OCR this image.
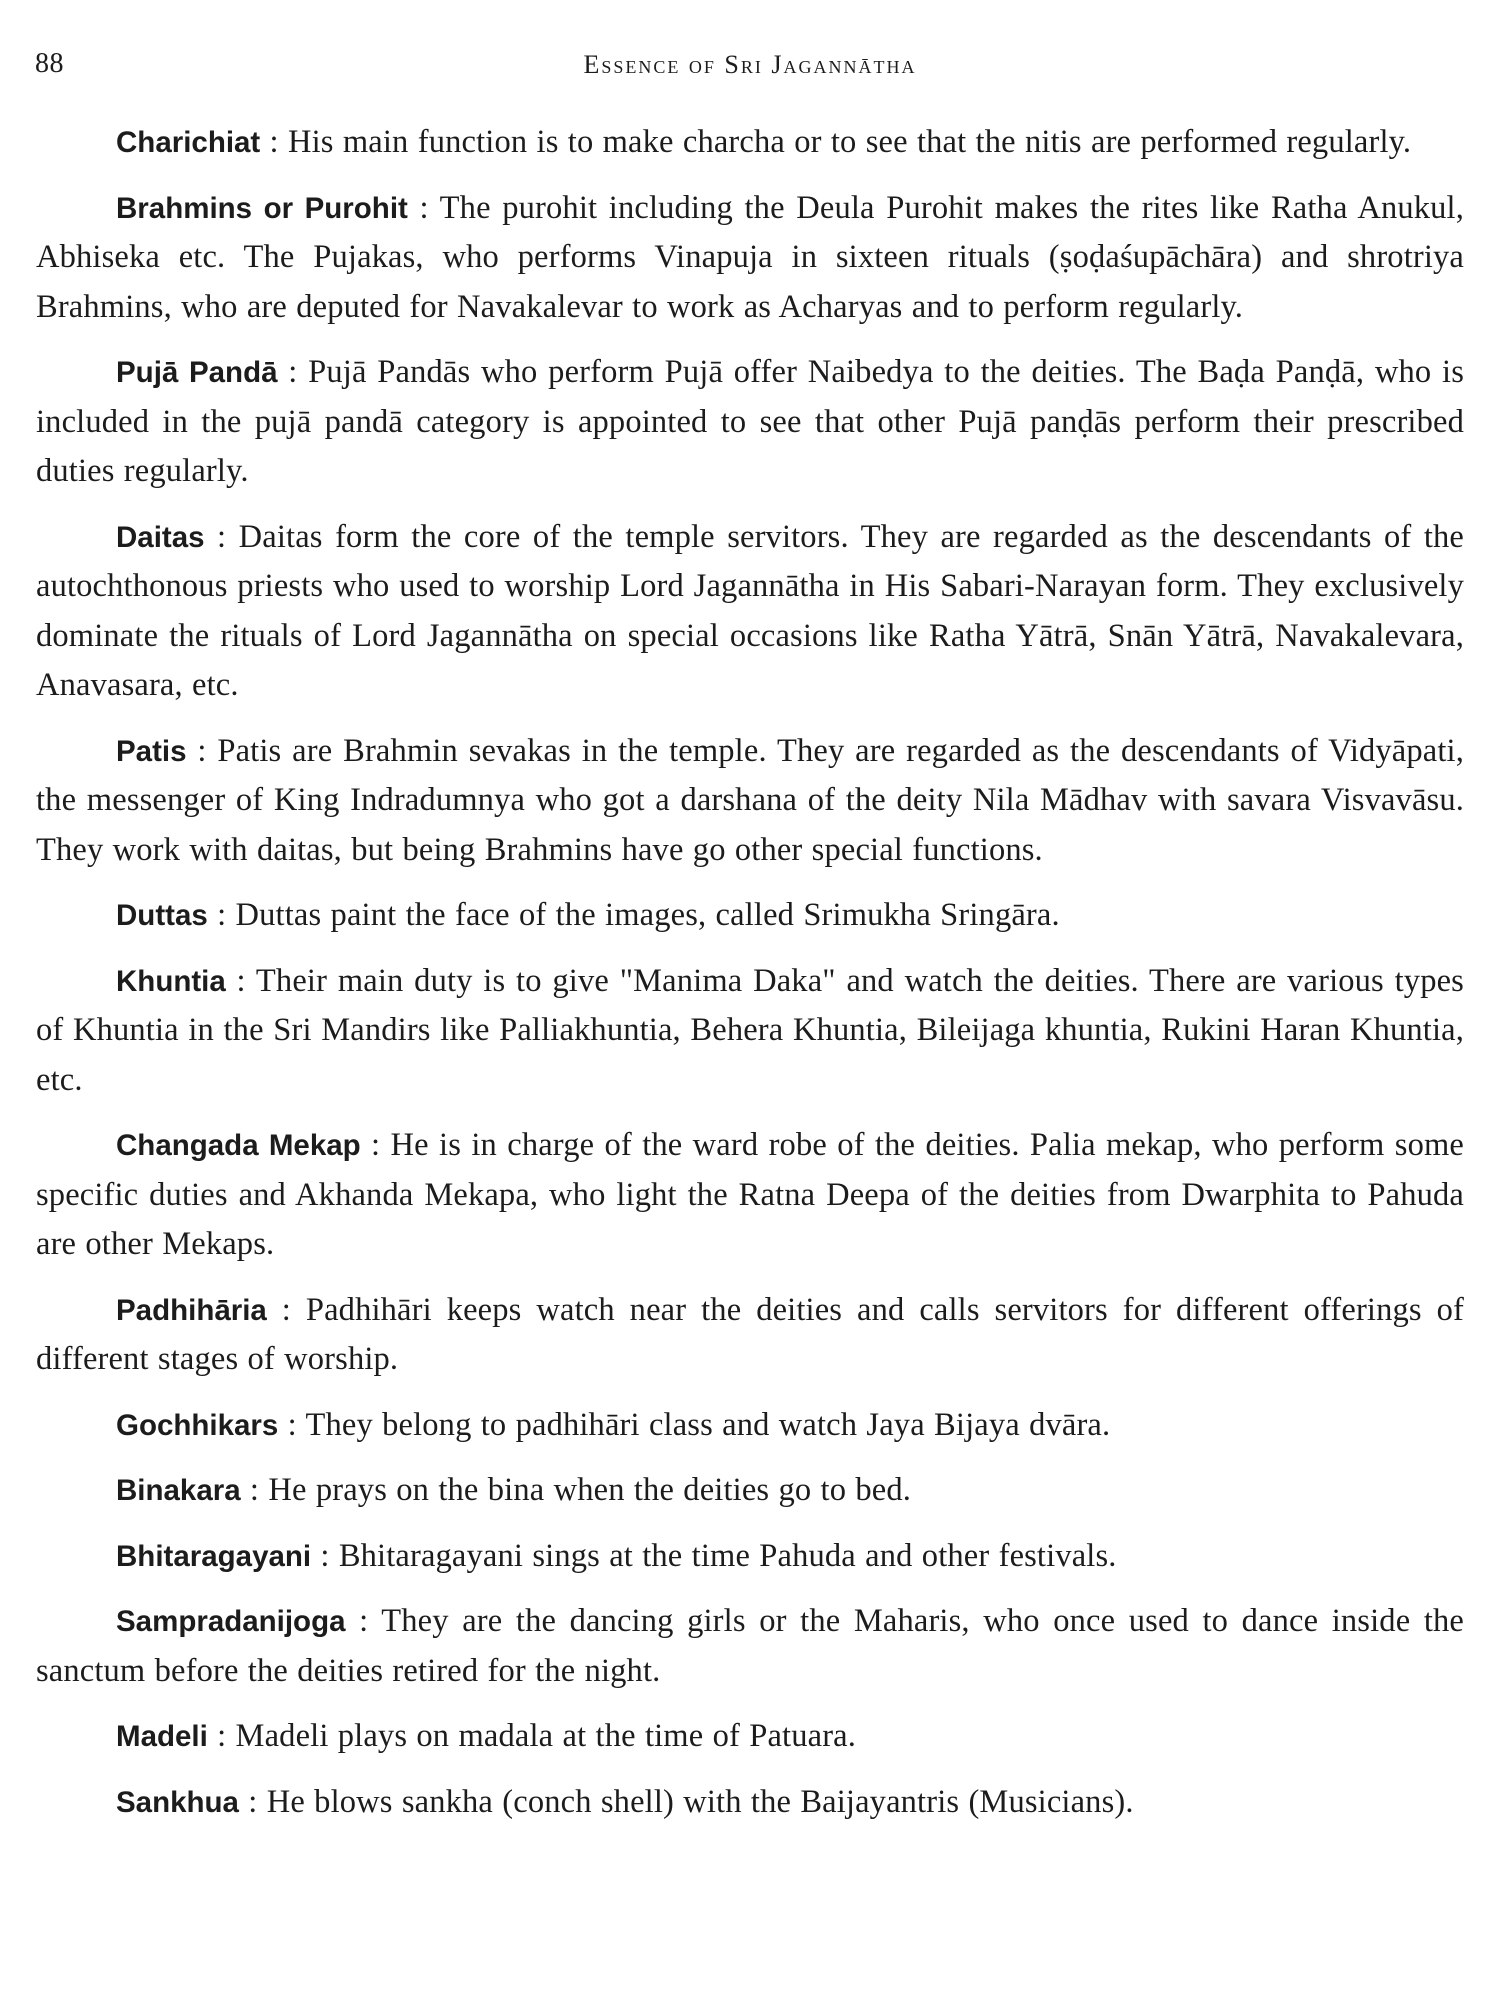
88	Essence of Sri Jagannātha

Charichiat : His main function is to make charcha or to see that the nitis are performed regularly.

Brahmins or Purohit : The purohit including the Deula Purohit makes the rites like Ratha Anukul, Abhiseka etc. The Pujakas, who performs Vinapuja in sixteen rituals (ṣoḍaśupāchāra) and shrotriya Brahmins, who are deputed for Navakalevar to work as Acharyas and to perform regularly.

Pujā Pandā : Pujā Pandās who perform Pujā offer Naibedya to the deities. The Baḍa Panḍā, who is included in the pujā pandā category is appointed to see that other Pujā panḍās perform their prescribed duties regularly.

Daitas : Daitas form the core of the temple servitors. They are regarded as the descendants of the autochthonous priests who used to worship Lord Jagannātha in His Sabari-Narayan form. They exclusively dominate the rituals of Lord Jagannātha on special occasions like Ratha Yātrā, Snān Yātrā, Navakalevara, Anavasara, etc.

Patis : Patis are Brahmin sevakas in the temple. They are regarded as the descendants of Vidyāpati, the messenger of King Indradumnya who got a darshana of the deity Nila Mādhav with savara Visvavāsu. They work with daitas, but being Brahmins have go other special functions.

Duttas : Duttas paint the face of the images, called Srimukha Sringāra.

Khuntia : Their main duty is to give "Manima Daka" and watch the deities. There are various types of Khuntia in the Sri Mandirs like Palliakhuntia, Behera Khuntia, Bileijaga khuntia, Rukini Haran Khuntia, etc.

Changada Mekap : He is in charge of the ward robe of the deities. Palia mekap, who perform some specific duties and Akhanda Mekapa, who light the Ratna Deepa of the deities from Dwarphita to Pahuda are other Mekaps.

Padhihāria : Padhihāri keeps watch near the deities and calls servitors for different offerings of different stages of worship.

Gochhikars : They belong to padhihāri class and watch Jaya Bijaya dvāra.

Binakara : He prays on the bina when the deities go to bed.

Bhitaragayani : Bhitaragayani sings at the time Pahuda and other festivals.

Sampradanijoga : They are the dancing girls or the Maharis, who once used to dance inside the sanctum before the deities retired for the night.

Madeli : Madeli plays on madala at the time of Patuara.

Sankhua : He blows sankha (conch shell) with the Baijayantris (Musicians).
